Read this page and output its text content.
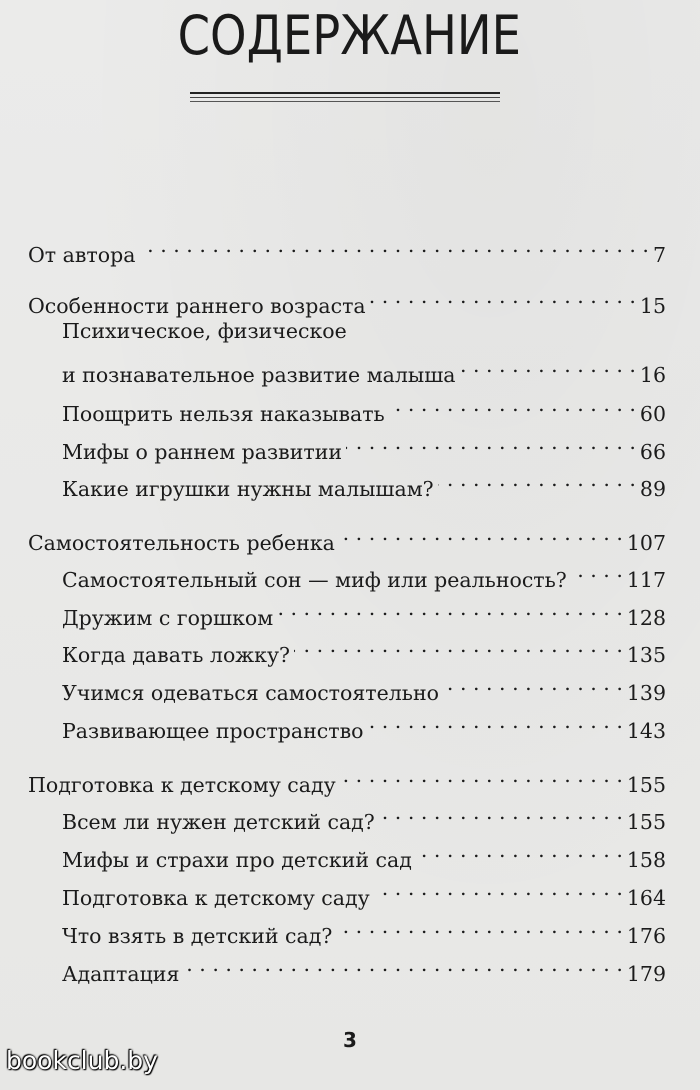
СОДЕРЖАНИЕ
От автора . . .	7
Особенности раннего возраста . . .	15
Психическое, физическое
и познавательное развитие малыша . . .	16
Поощрить нельзя наказывать . . .	60
Мифы о раннем развитии . . .	66
Какие игрушки нужны малышам? . . .	89
Самостоятельность ребенка . . .	107
Самостоятельный сон — миф или реальность? . . .	117
Дружим с горшком . . .	128
Когда давать ложку? . . .	135
Учимся одеваться самостоятельно . . .	139
Развивающее пространство . . .	143
Подготовка к детскому саду . . .	155
Всем ли нужен детский сад? . . .	155
Мифы и страхи про детский сад . . .	158
Подготовка к детскому саду . . .	164
Что взять в детский сад? . . .	176
Адаптация . . .	179
3
bookclub.by
